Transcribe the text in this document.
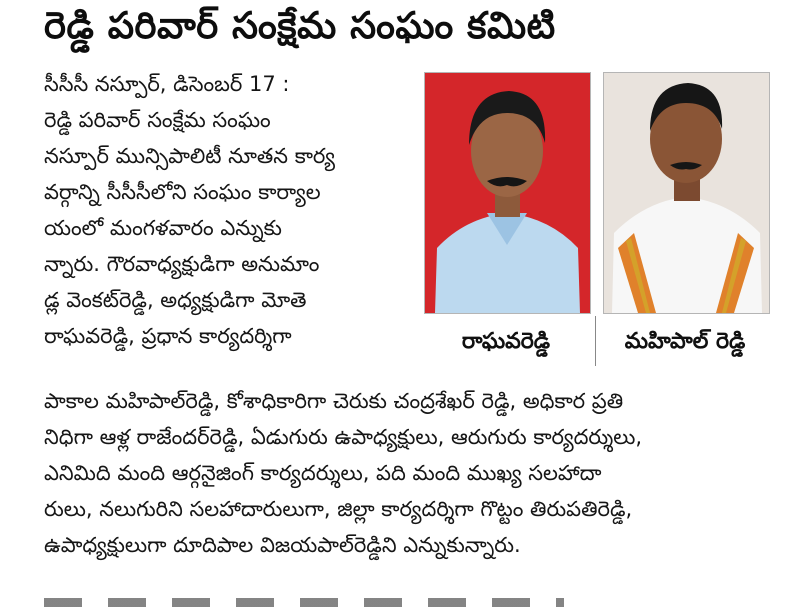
రెడ్డి పరివార్ సంక్షేమ సంఘం కమిటి
సీసీసీ నస్పూర్, డిసెంబర్ 17 :
రెడ్డి పరివార్ సంక్షేమ సంఘం
నస్పూర్ మున్సిపాలిటీ నూతన కార్య
వర్గాన్ని సీసీసీలోని సంఘం కార్యాల
యంలో మంగళవారం ఎన్నుకు
న్నారు. గౌరవాధ్యక్షుడిగా అనుమాం
డ్ల వెంకట్‌రెడ్డి, అధ్యక్షుడిగా మోతె
రాఘవరెడ్డి, ప్రధాన కార్యదర్శిగా	రాఘవరెడ్డి	మహిపాల్ రెడ్డి
పాకాల మహిపాల్‌రెడ్డి, కోశాధికారిగా చెరుకు చంద్రశేఖర్ రెడ్డి, అధికార ప్రతి
నిధిగా ఆళ్ల రాజేందర్‌రెడ్డి, ఏడుగురు ఉపాధ్యక్షులు, ఆరుగురు కార్యదర్శులు,
ఎనిమిది మంది ఆర్గనైజింగ్ కార్యదర్శులు, పది మంది ముఖ్య సలహాదా
రులు, నలుగురిని సలహాదారులుగా, జిల్లా కార్యదర్శిగా గొట్టం తిరుపతిరెడ్డి,
ఉపాధ్యక్షులుగా దూదిపాల విజయపాల్‌రెడ్డిని ఎన్నుకున్నారు.
